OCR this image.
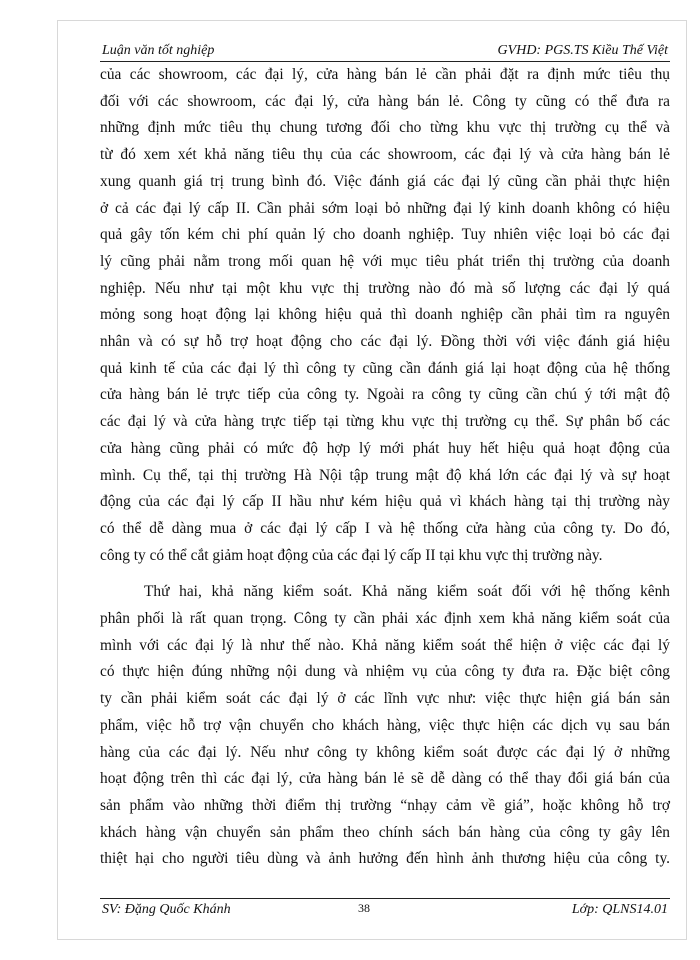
Luận văn tốt nghiệp	GVHD: PGS.TS Kiều Thế Việt

của các showroom, các đại lý, cửa hàng bán lẻ cần phải đặt ra định mức tiêu thụ

đối với các showroom, các đại lý, cửa hàng bán lẻ. Công ty cũng có thể đưa ra

những định mức tiêu thụ chung tương đối cho từng khu vực thị trường cụ thể và

từ đó xem xét khả năng tiêu thụ của các showroom, các đại lý và cửa hàng bán lẻ

xung quanh giá trị trung bình đó. Việc đánh giá các đại lý cũng cần phải thực hiện

ở cả các đại lý cấp II. Cần phải sớm loại bỏ những đại lý kinh doanh không có hiệu

quả gây tốn kém chi phí quản lý cho doanh nghiệp. Tuy nhiên việc loại bỏ các đại

lý cũng phải nằm trong mối quan hệ với mục tiêu phát triển thị trường của doanh

nghiệp. Nếu như tại một khu vực thị trường nào đó mà số lượng các đại lý quá

mỏng song hoạt động lại không hiệu quả thì doanh nghiệp cần phải tìm ra nguyên

nhân và có sự hỗ trợ hoạt động cho các đại lý. Đồng thời với việc đánh giá hiệu

quả kinh tế của các đại lý thì công ty cũng cần đánh giá lại hoạt động của hệ thống

cửa hàng bán lẻ trực tiếp của công ty. Ngoài ra công ty cũng cần chú ý tới mật độ

các đại lý và cửa hàng trực tiếp tại từng khu vực thị trường cụ thể. Sự phân bố các

cửa hàng cũng phải có mức độ hợp lý mới phát huy hết hiệu quả hoạt động của

mình. Cụ thể, tại thị trường Hà Nội tập trung mật độ khá lớn các đại lý và sự hoạt

động của các đại lý cấp II hầu như kém hiệu quả vì khách hàng tại thị trường này

có thể dễ dàng mua ở các đại lý cấp I và hệ thống cửa hàng của công ty. Do đó,

công ty có thể cắt giảm hoạt động của các đại lý cấp II tại khu vực thị trường này.

Thứ hai, khả năng kiểm soát. Khả năng kiểm soát đối với hệ thống kênh

phân phối là rất quan trọng. Công ty cần phải xác định xem khả năng kiểm soát của

mình với các đại lý là như thế nào. Khả năng kiểm soát thể hiện ở việc các đại lý

có thực hiện đúng những nội dung và nhiệm vụ của công ty đưa ra. Đặc biệt công

ty cần phải kiểm soát các đại lý ở các lĩnh vực như: việc thực hiện giá bán sản

phẩm, việc hỗ trợ vận chuyển cho khách hàng, việc thực hiện các dịch vụ sau bán

hàng của các đại lý. Nếu như công ty không kiểm soát được các đại lý ở những

hoạt động trên thì các đại lý, cửa hàng bán lẻ sẽ dễ dàng có thể thay đổi giá bán của

sản phẩm vào những thời điểm thị trường “nhạy cảm về giá”, hoặc không hỗ trợ

khách hàng vận chuyển sản phẩm theo chính sách bán hàng của công ty gây lên

thiệt hại cho người tiêu dùng và ảnh hưởng đến hình ảnh thương hiệu của công ty.

SV: Đặng Quốc Khánh	38	Lớp: QLNS14.01
